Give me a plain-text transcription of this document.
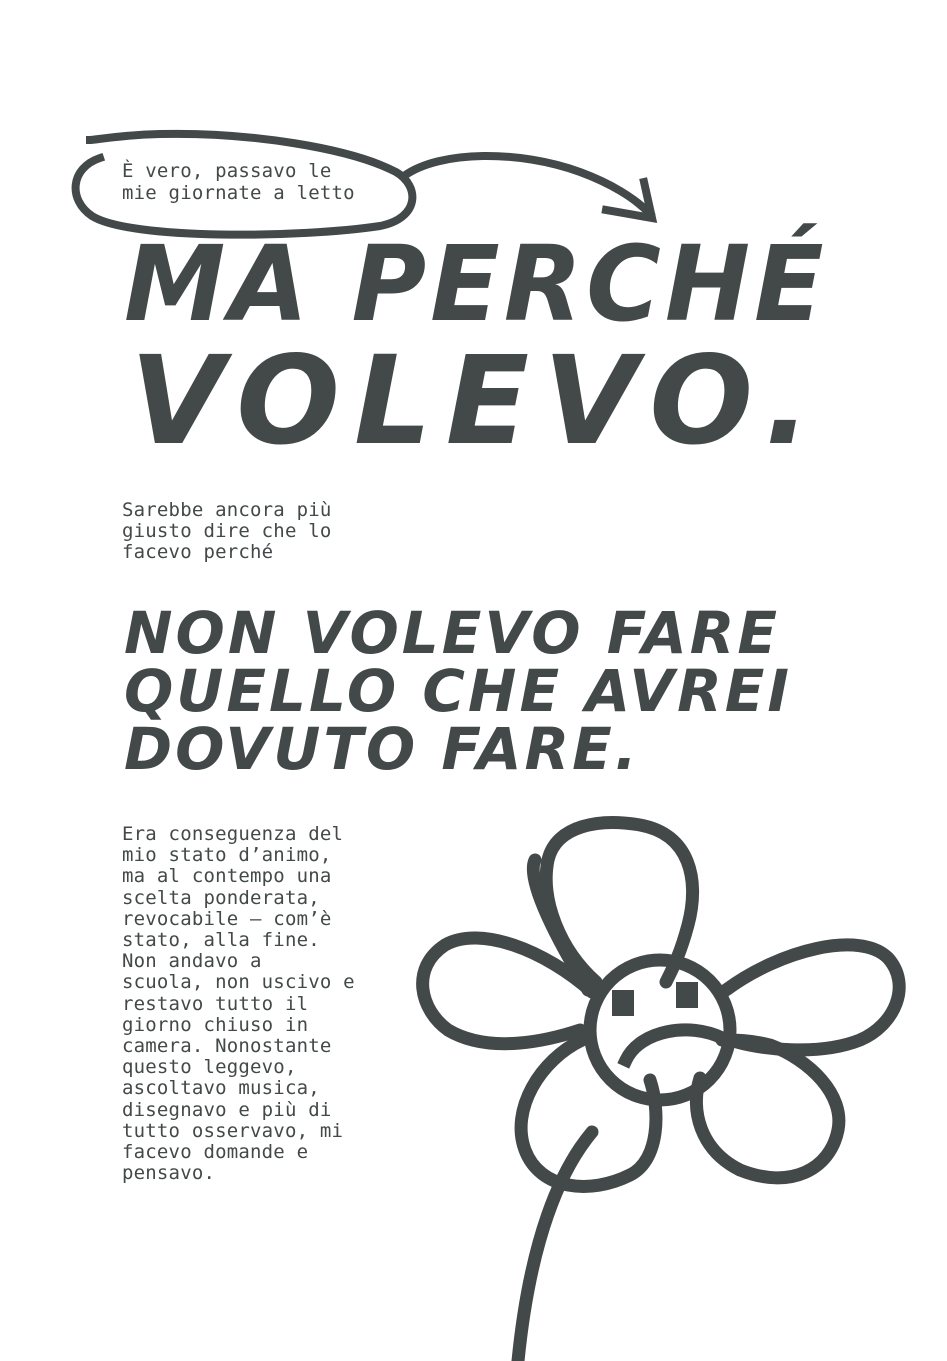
È vero, passavo le
mie giornate a letto
MA PERCHÉ
VOLEVO.
Sarebbe ancora più
giusto dire che lo
facevo perché
NON VOLEVO FARE
QUELLO CHE AVREI
DOVUTO FARE.
Era conseguenza del
mio stato d’animo,
ma al contempo una
scelta ponderata,
revocabile – com’è
stato, alla fine.
Non andavo a
scuola, non uscivo e
restavo tutto il
giorno chiuso in
camera. Nonostante
questo leggevo,
ascoltavo musica,
disegnavo e più di
tutto osservavo, mi
facevo domande e
pensavo.
